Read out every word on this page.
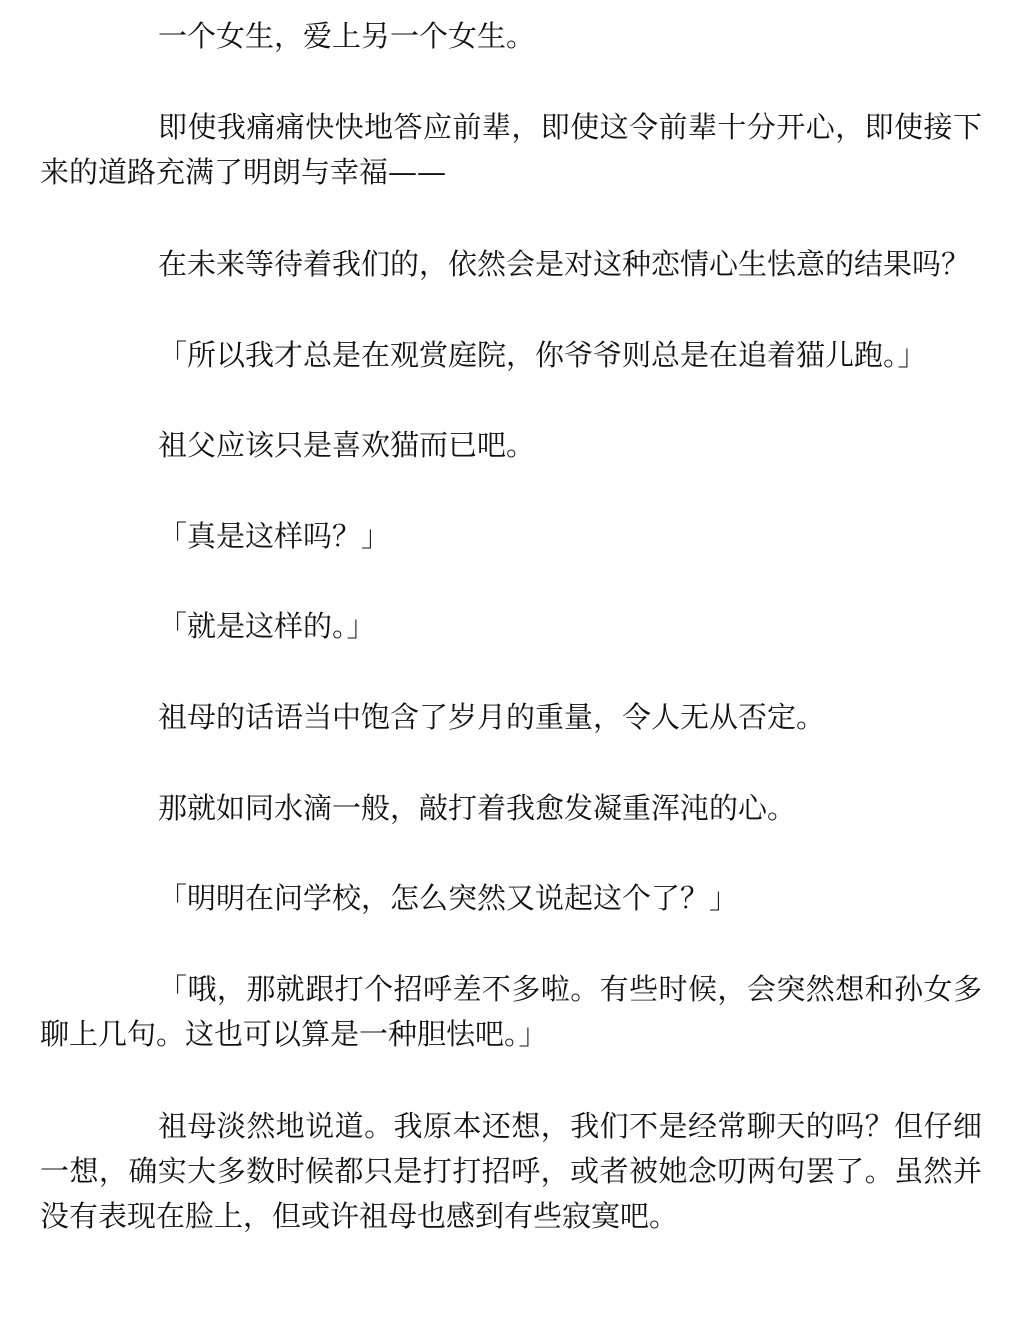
一个女生，爱上另一个女生。

即使我痛痛快快地答应前辈，即使这令前辈十分开心，即使接下来的道路充满了明朗与幸福——

在未来等待着我们的，依然会是对这种恋情心生怯意的结果吗？

「所以我才总是在观赏庭院，你爷爷则总是在追着猫儿跑。」

祖父应该只是喜欢猫而已吧。

「真是这样吗？」

「就是这样的。」

祖母的话语当中饱含了岁月的重量，令人无从否定。

那就如同水滴一般，敲打着我愈发凝重浑沌的心。

「明明在问学校，怎么突然又说起这个了？」

「哦，那就跟打个招呼差不多啦。有些时候，会突然想和孙女多聊上几句。这也可以算是一种胆怯吧。」

祖母淡然地说道。我原本还想，我们不是经常聊天的吗？但仔细一想，确实大多数时候都只是打打招呼，或者被她念叨两句罢了。虽然并没有表现在脸上，但或许祖母也感到有些寂寞吧。
